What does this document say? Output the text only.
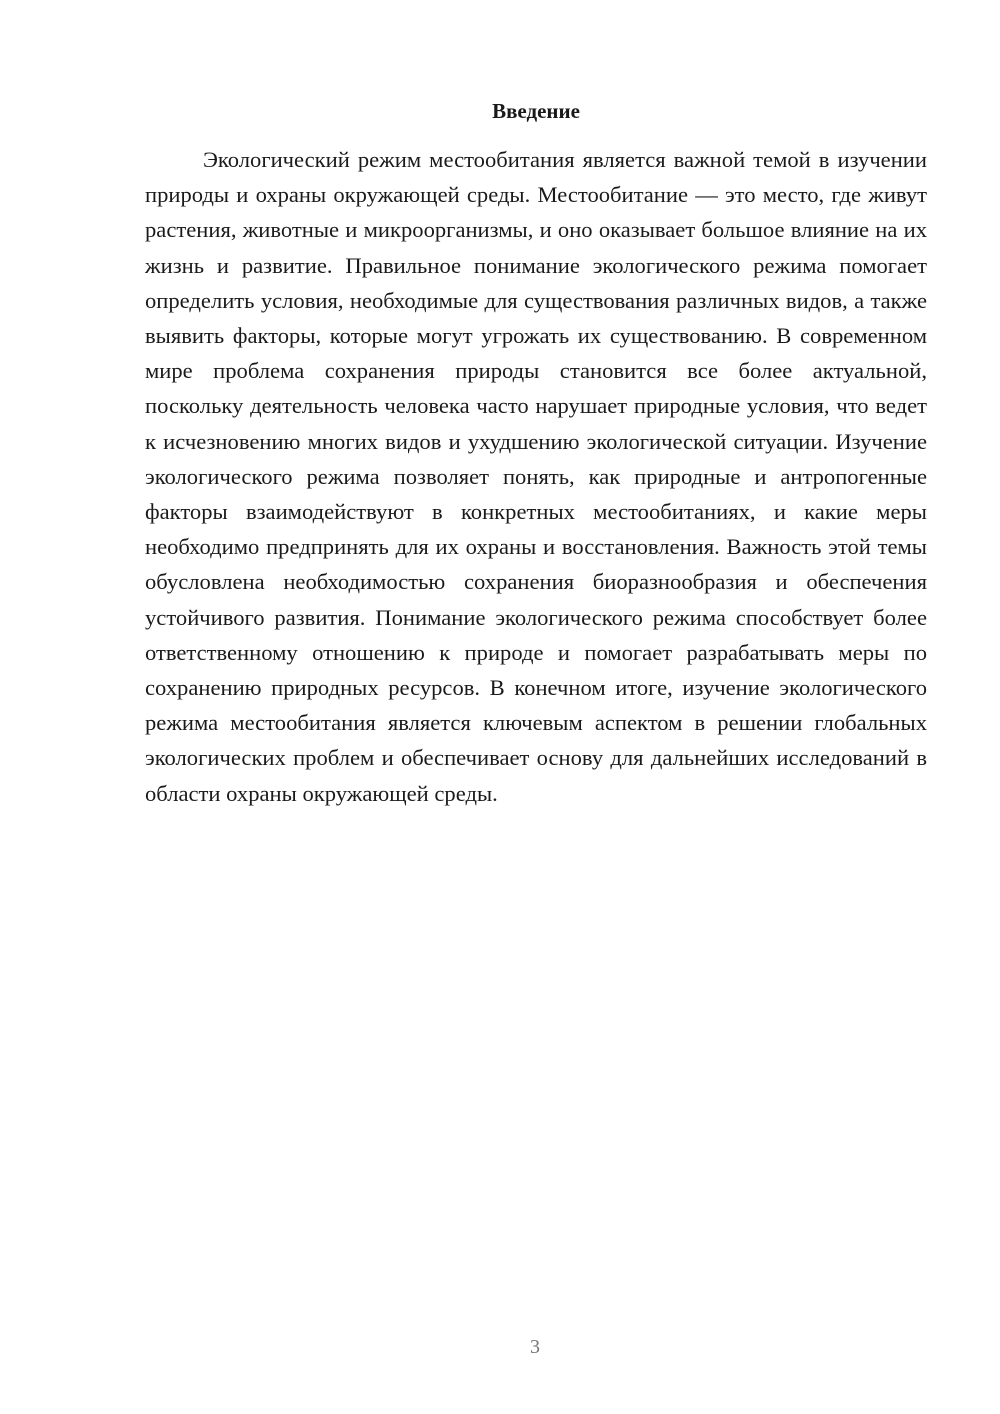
Введение

Экологический режим местообитания является важной темой в изучении природы и охраны окружающей среды. Местообитание — это место, где живут растения, животные и микроорганизмы, и оно оказывает большое влияние на их жизнь и развитие. Правильное понимание экологического режима помогает определить условия, необходимые для существования различных видов, а также выявить факторы, которые могут угрожать их существованию. В современном мире проблема сохранения природы становится все более актуальной, поскольку деятельность человека часто нарушает природные условия, что ведет к исчезновению многих видов и ухудшению экологической ситуации. Изучение экологического режима позволяет понять, как природные и антропогенные факторы взаимодействуют в конкретных местообитаниях, и какие меры необходимо предпринять для их охраны и восстановления. Важность этой темы обусловлена необходимостью сохранения биоразнообразия и обеспечения устойчивого развития. Понимание экологического режима способствует более ответственному отношению к природе и помогает разрабатывать меры по сохранению природных ресурсов. В конечном итоге, изучение экологического режима местообитания является ключевым аспектом в решении глобальных экологических проблем и обеспечивает основу для дальнейших исследований в области охраны окружающей среды.

3
